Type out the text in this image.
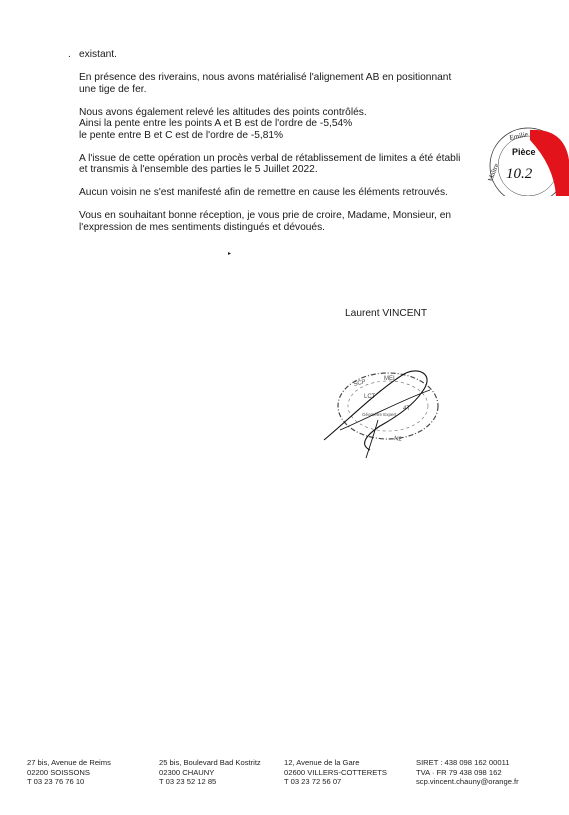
. existant.

En présence des riverains, nous avons matérialisé l'alignement AB en positionnant
une tige de fer.

Nous avons également relevé les altitudes des points contrôlés.
Ainsi la pente entre les points A et B est de l'ordre de -5,54%
le pente entre B et C est de l'ordre de -5,81%

A l'issue de cette opération un procès verbal de rétablissement de limites a été établi
et transmis à l'ensemble des parties le 5 Juillet 2022.

Aucun voisin ne s'est manifesté afin de remettre en cause les éléments retrouvés.

Vous en souhaitant bonne réception, je vous prie de croire, Madame, Monsieur, en
l'expression de mes sentiments distingués et dévoués.

▸
Laurent VINCENT
SCP
MEI
LCT
4T
Géomètre Expert
N2
Maître
Emilie
Pièce
10.2
27 bis, Avenue de Reims
02200 SOISSONS
T 03 23 76 76 10
25 bis, Boulevard Bad Kostritz
02300 CHAUNY
T 03 23 52 12 85
12, Avenue de la Gare
02600 VILLERS-COTTERETS
T 03 23 72 56 07
SIRET : 438 098 162 00011
TVA · FR 79 438 098 162
scp.vincent.chauny@orange.fr
